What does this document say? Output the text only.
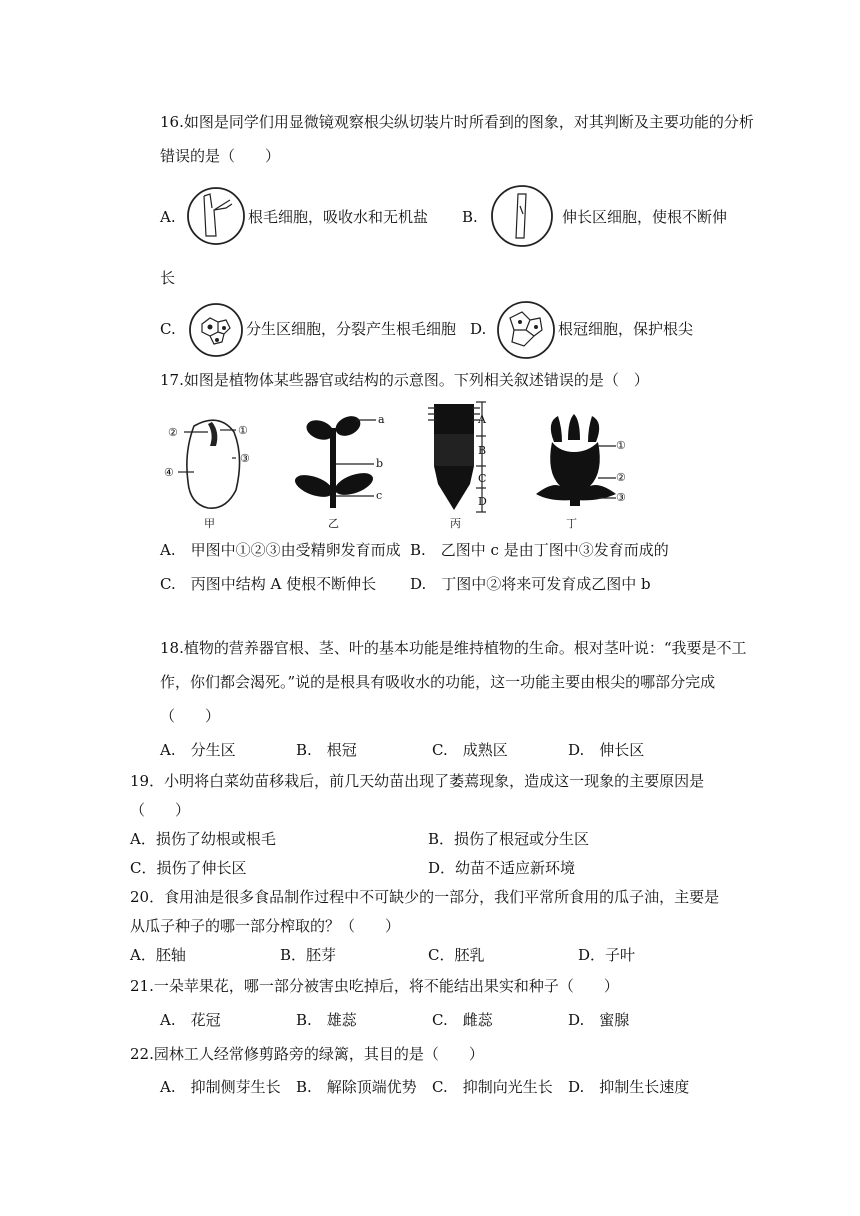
16.如图是同学们用显微镜观察根尖纵切装片时所看到的图象，对其判断及主要功能的分析
错误的是（　　）
A.	根毛细胞，吸收水和无机盐 B.	伸长区细胞，使根不断伸
长
C.	分生区细胞，分裂产生根毛细胞 D.	根冠细胞，保护根尖
17.如图是植物体某些器官或结构的示意图。下列相关叙述错误的是（　）
②	①
④
③
甲
a
b
c
乙
A
B
C
D
丙
①
②
③
丁
A.　甲图中①②③由受精卵发育而成 B.　乙图中 c 是由丁图中③发育而成的
C.　丙图中结构 A 使根不断伸长 D.　丁图中②将来可发育成乙图中 b
18.植物的营养器官根、茎、叶的基本功能是维持植物的生命。根对茎叶说：“我要是不工
作，你们都会渴死。”说的是根具有吸收水的功能，这一功能主要由根尖的哪部分完成
（　　）
A.　分生区	B.　根冠	C.　成熟区	D.　伸长区
19．小明将白菜幼苗移栽后，前几天幼苗出现了萎蔫现象，造成这一现象的主要原因是
（　　）
A．损伤了幼根或根毛	B．损伤了根冠或分生区
C．损伤了伸长区	D．幼苗不适应新环境
20．食用油是很多食品制作过程中不可缺少的一部分，我们平常所食用的瓜子油，主要是
从瓜子种子的哪一部分榨取的？（　　）
A．胚轴	B．胚芽	C．胚乳	D．子叶
21.一朵苹果花，哪一部分被害虫吃掉后，将不能结出果实和种子（　　）
A.　花冠	B.　雄蕊	C.　雌蕊	D.　蜜腺
22.园林工人经常修剪路旁的绿篱，其目的是（　　）
A.　抑制侧芽生长 B.　解除顶端优势 C.　抑制向光生长 D.　抑制生长速度
